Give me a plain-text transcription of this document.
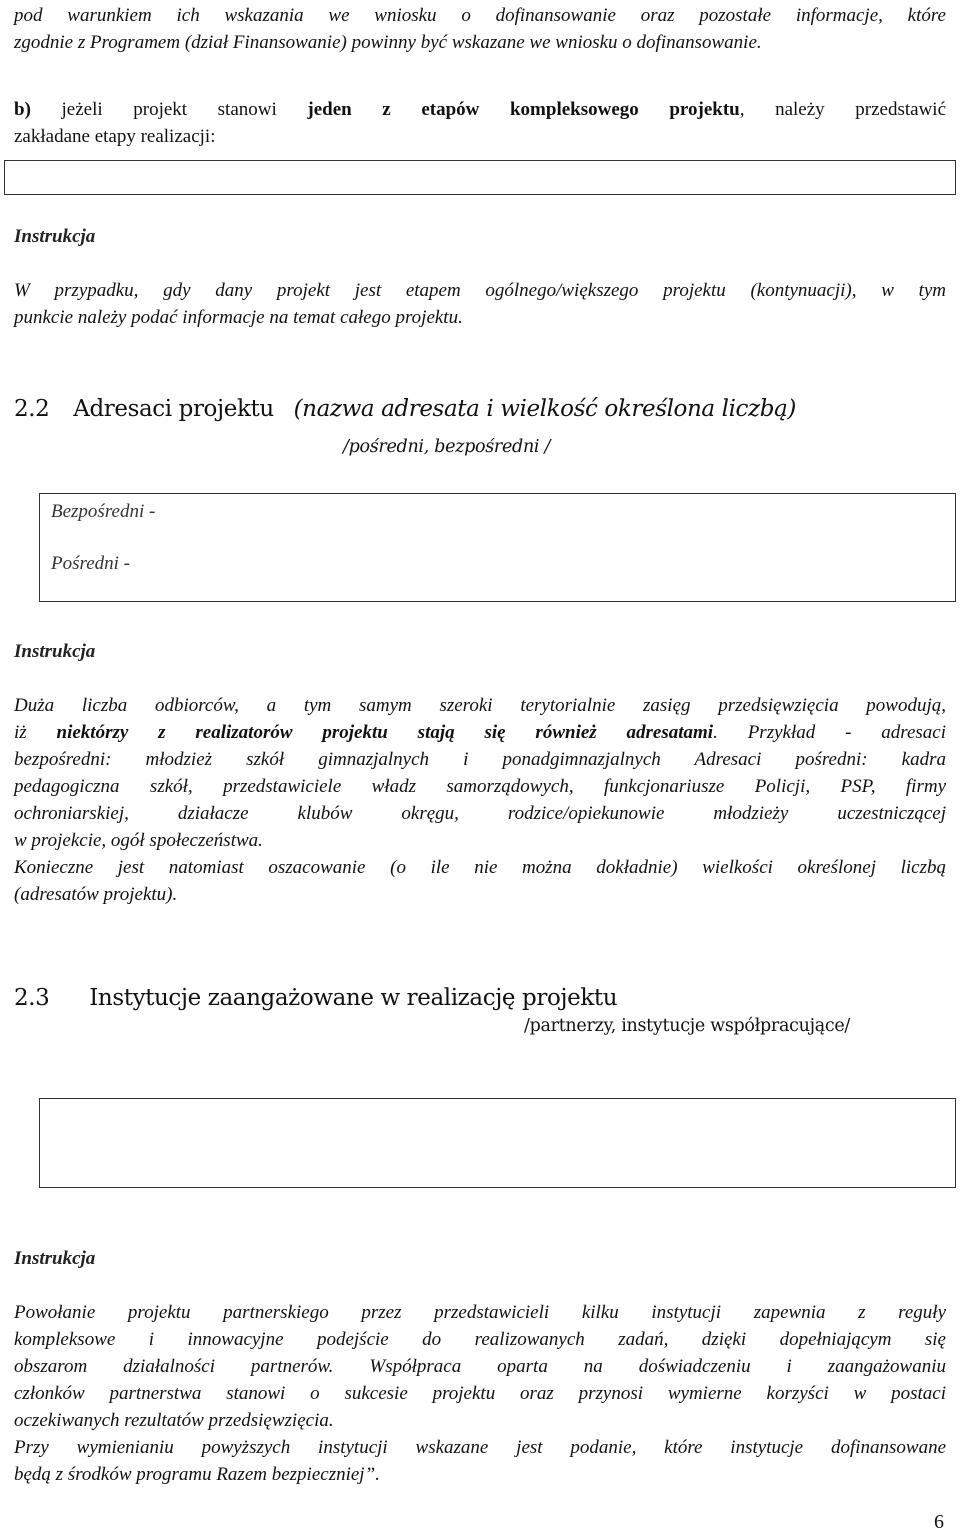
pod warunkiem ich wskazania we wniosku o dofinansowanie oraz pozostałe informacje, które

zgodnie z Programem (dział Finansowanie) powinny być wskazane we wniosku o dofinansowanie.

b) jeżeli projekt stanowi jeden z etapów kompleksowego projektu, należy przedstawić

zakładane etapy realizacji:

Instrukcja

W przypadku, gdy dany projekt jest etapem ogólnego/większego projektu (kontynuacji), w tym

punkcie należy podać informacje na temat całego projektu.

2.2 Adresaci projektu (nazwa adresata i wielkość określona liczbą)
/pośredni, bezpośredni /
Bezpośredni -
Pośredni -

Instrukcja

Duża liczba odbiorców, a tym samym szeroki terytorialnie zasięg przedsięwzięcia powodują,

iż niektórzy z realizatorów projektu stają się również adresatami. Przykład - adresaci

bezpośredni: młodzież szkół gimnazjalnych i ponadgimnazjalnych Adresaci pośredni: kadra

pedagogiczna szkół, przedstawiciele władz samorządowych, funkcjonariusze Policji, PSP, firmy

ochroniarskiej, działacze klubów okręgu, rodzice/opiekunowie młodzieży uczestniczącej

w projekcie, ogół społeczeństwa.

Konieczne jest natomiast oszacowanie (o ile nie można dokładnie) wielkości określonej liczbą

(adresatów projektu).

2.3 Instytucje zaangażowane w realizację projektu
/partnerzy, instytucje współpracujące/

Instrukcja

Powołanie projektu partnerskiego przez przedstawicieli kilku instytucji zapewnia z reguły

kompleksowe i innowacyjne podejście do realizowanych zadań, dzięki dopełniającym się

obszarom działalności partnerów. Współpraca oparta na doświadczeniu i zaangażowaniu

członków partnerstwa stanowi o sukcesie projektu oraz przynosi wymierne korzyści w postaci

oczekiwanych rezultatów przedsięwzięcia.

Przy wymienianiu powyższych instytucji wskazane jest podanie, które instytucje dofinansowane

będą z środków programu Razem bezpieczniej”.

6
